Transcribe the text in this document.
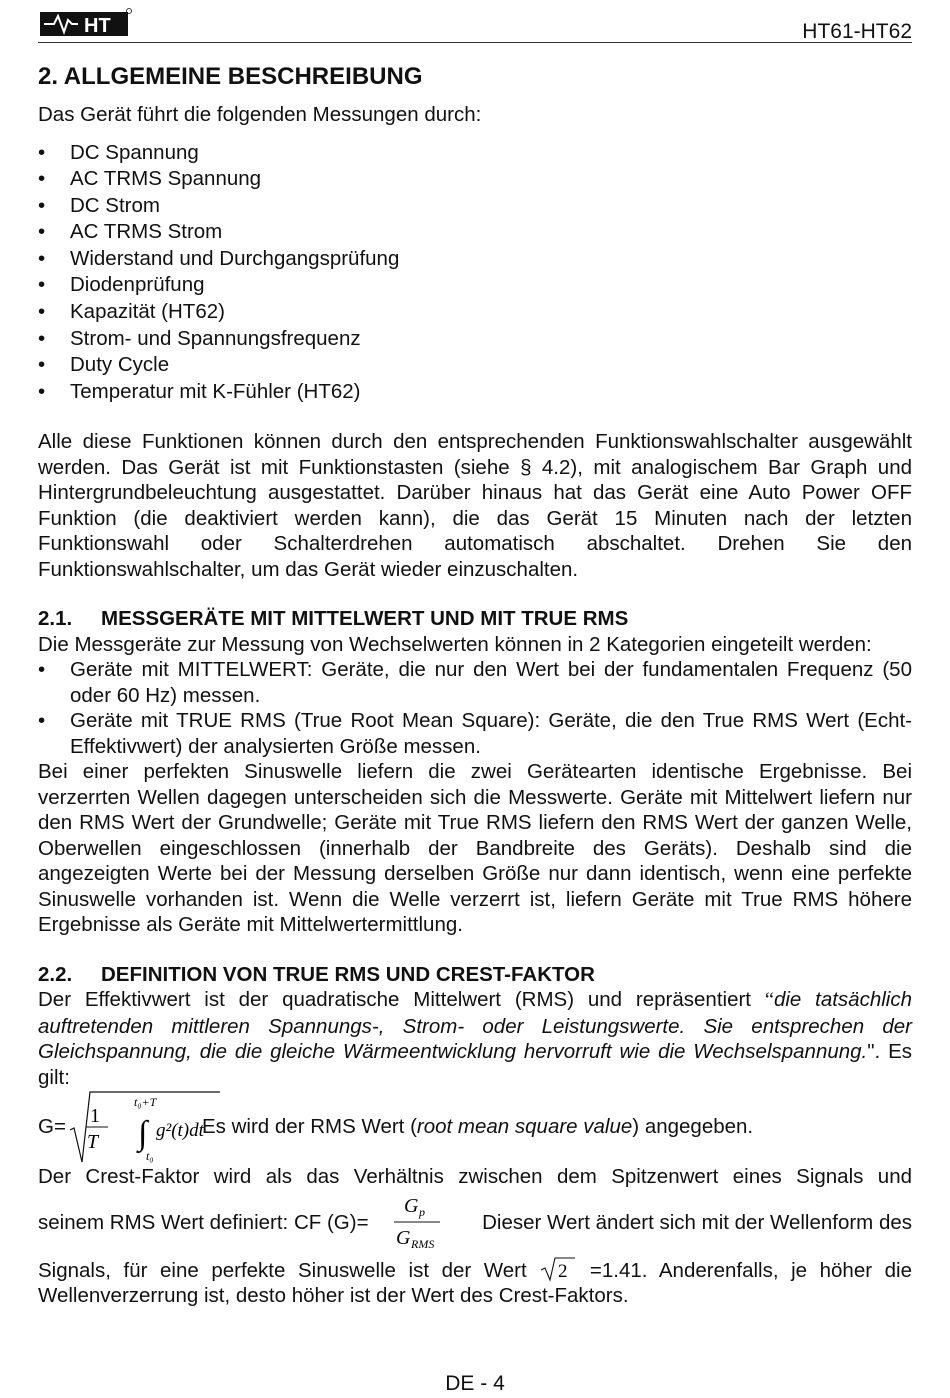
HT	HT61-HT62
2. ALLGEMEINE BESCHREIBUNG

Das Gerät führt die folgenden Messungen durch:

• DC Spannung
• AC TRMS Spannung
• DC Strom
• AC TRMS Strom
• Widerstand und Durchgangsprüfung
• Diodenprüfung
• Kapazität (HT62)
• Strom- und Spannungsfrequenz
• Duty Cycle
• Temperatur mit K-Fühler (HT62)

Alle diese Funktionen können durch den entsprechenden Funktionswahlschalter ausgewählt werden. Das Gerät ist mit Funktionstasten (siehe § 4.2), mit analogischem Bar Graph und Hintergrundbeleuchtung ausgestattet. Darüber hinaus hat das Gerät eine Auto Power OFF Funktion (die deaktiviert werden kann), die das Gerät 15 Minuten nach der letzten Funktionswahl oder Schalterdrehen automatisch abschaltet. Drehen Sie den Funktionswahlschalter, um das Gerät wieder einzuschalten.

2.1.	MESSGERÄTE MIT MITTELWERT UND MIT TRUE RMS

Die Messgeräte zur Messung von Wechselwerten können in 2 Kategorien eingeteilt werden:

• Geräte mit MITTELWERT: Geräte, die nur den Wert bei der fundamentalen Frequenz (50 oder 60 Hz) messen.
• Geräte mit TRUE RMS (True Root Mean Square): Geräte, die den True RMS Wert (Echt-Effektivwert) der analysierten Größe messen.

Bei einer perfekten Sinuswelle liefern die zwei Gerätearten identische Ergebnisse. Bei verzerrten Wellen dagegen unterscheiden sich die Messwerte. Geräte mit Mittelwert liefern nur den RMS Wert der Grundwelle; Geräte mit True RMS liefern den RMS Wert der ganzen Welle, Oberwellen eingeschlossen (innerhalb der Bandbreite des Geräts). Deshalb sind die angezeigten Werte bei der Messung derselben Größe nur dann identisch, wenn eine perfekte Sinuswelle vorhanden ist. Wenn die Welle verzerrt ist, liefern Geräte mit True RMS höhere Ergebnisse als Geräte mit Mittelwertermittlung.

2.2.	DEFINITION VON TRUE RMS UND CREST-FAKTOR

Der Effektivwert ist der quadratische Mittelwert (RMS) und repräsentiert “die tatsächlich auftretenden mittleren Spannungs-, Strom- oder Leistungswerte. Sie entsprechen der Gleichspannung, die die gleiche Wärmeentwicklung hervorruft wie die Wechselspannung.". Es gilt:

G= 1
T
t₀+T
∫
t₀
g²(t)dt
Es wird der RMS Wert (root mean square value) angegeben.

Der Crest-Faktor wird als das Verhältnis zwischen dem Spitzenwert eines Signals und

seinem RMS Wert definiert: CF (G)=
G p
G RMS
Dieser Wert ändert sich mit der Wellenform des

Signals, für eine perfekte Sinuswelle ist der Wert 2 =1.41. Anderenfalls, je höher die Wellenverzerrung ist, desto höher ist der Wert des Crest-Faktors.

DE - 4
